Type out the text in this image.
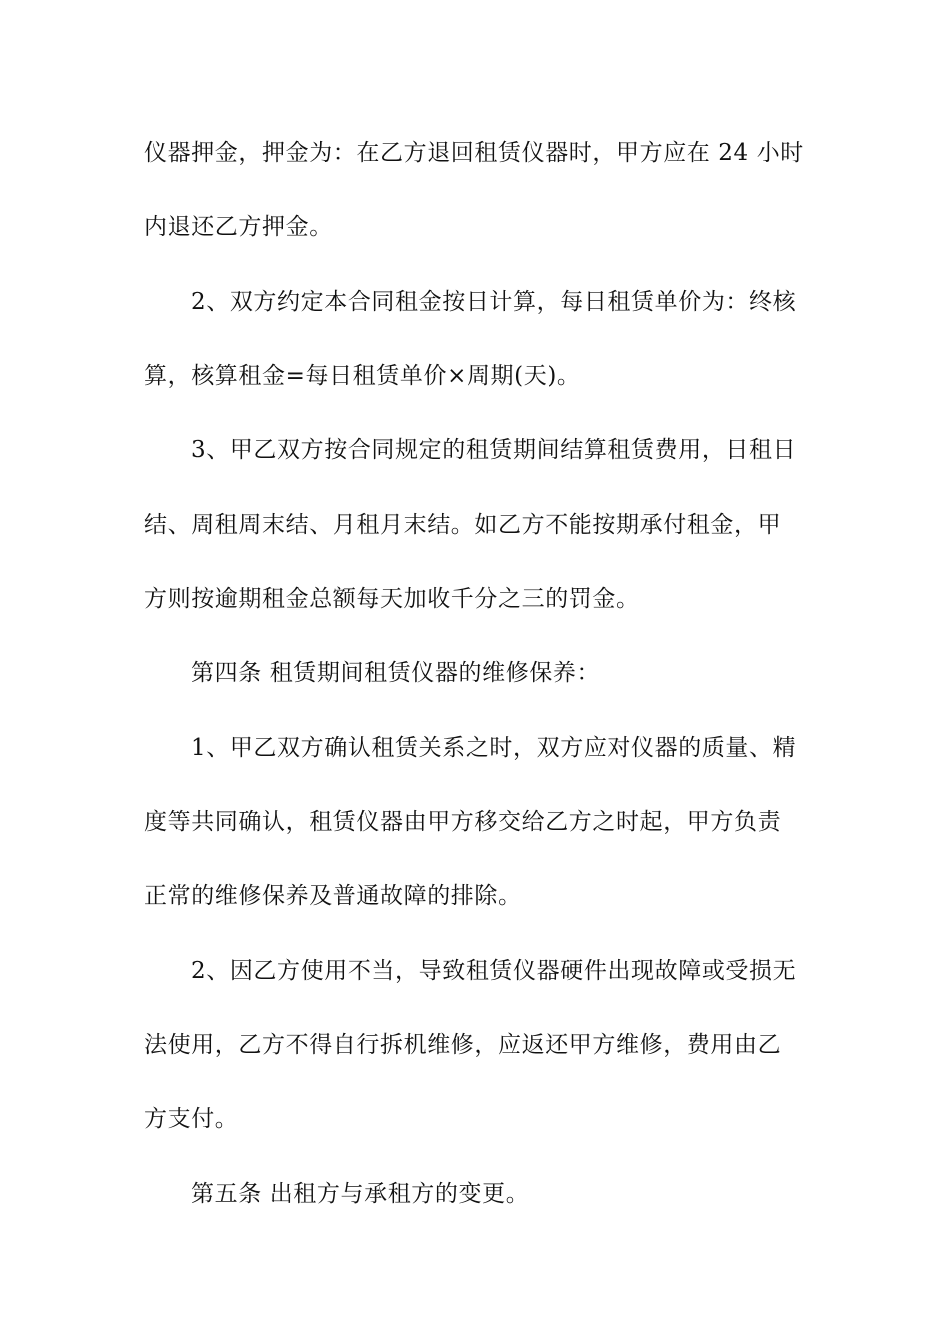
仪器押金，押金为：在乙方退回租赁仪器时，甲方应在 24 小时
内退还乙方押金。
2、双方约定本合同租金按日计算，每日租赁单价为：终核
算，核算租金=每日租赁单价×周期(天)。
3、甲乙双方按合同规定的租赁期间结算租赁费用，日租日
结、周租周末结、月租月末结。如乙方不能按期承付租金，甲
方则按逾期租金总额每天加收千分之三的罚金。
第四条 租赁期间租赁仪器的维修保养：
1、甲乙双方确认租赁关系之时，双方应对仪器的质量、精
度等共同确认，租赁仪器由甲方移交给乙方之时起，甲方负责
正常的维修保养及普通故障的排除。
2、因乙方使用不当，导致租赁仪器硬件出现故障或受损无
法使用，乙方不得自行拆机维修，应返还甲方维修，费用由乙
方支付。
第五条 出租方与承租方的变更。
